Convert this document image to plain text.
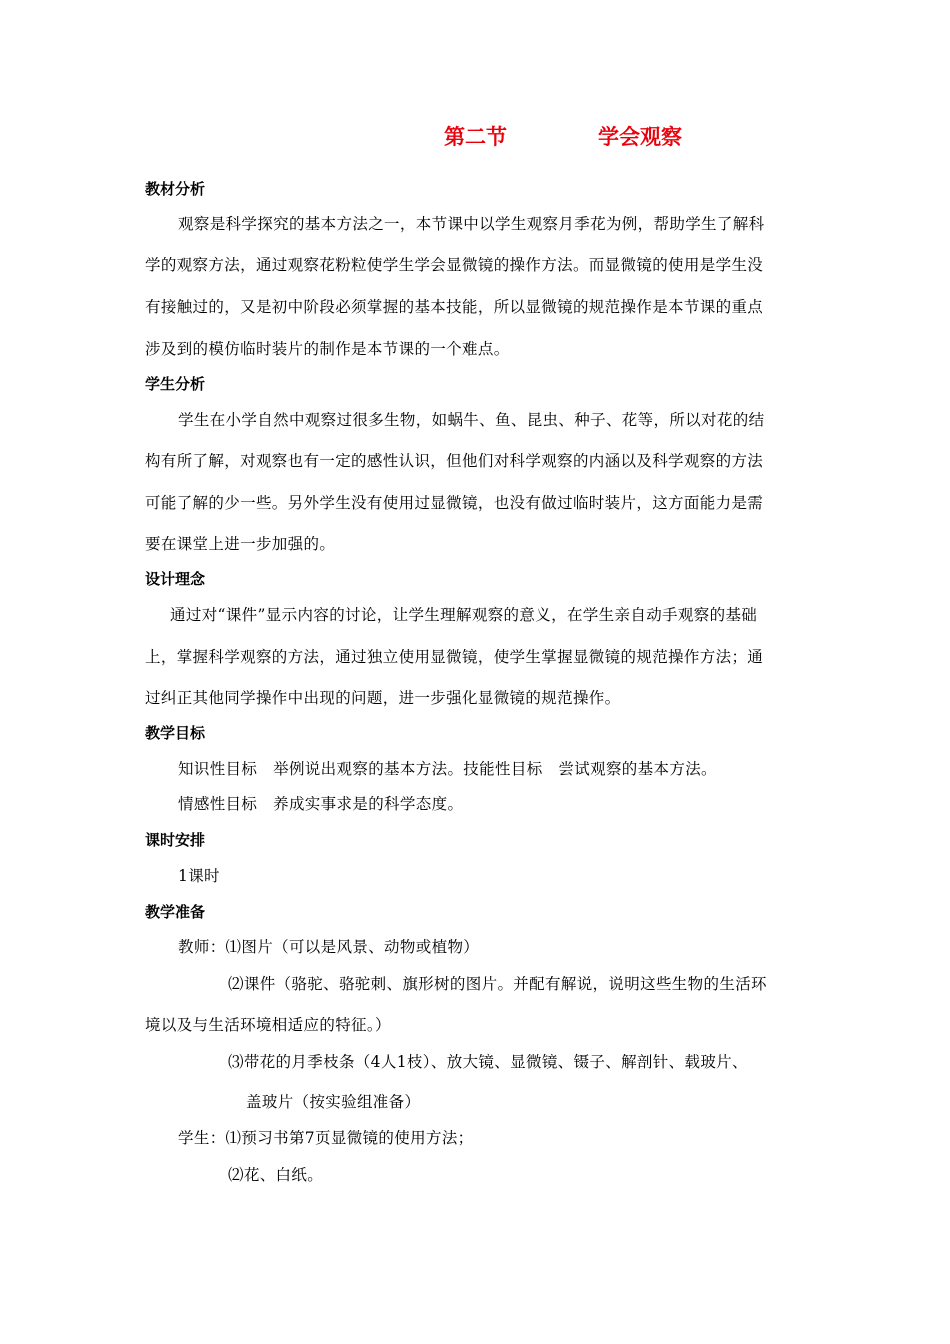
第二节	学会观察
教材分析
观察是科学探究的基本方法之一，本节课中以学生观察月季花为例，帮助学生了解科
学的观察方法，通过观察花粉粒使学生学会显微镜的操作方法。而显微镜的使用是学生没
有接触过的，又是初中阶段必须掌握的基本技能，所以显微镜的规范操作是本节课的重点
涉及到的模仿临时装片的制作是本节课的一个难点。
学生分析
学生在小学自然中观察过很多生物，如蜗牛、鱼、昆虫、种子、花等，所以对花的结
构有所了解，对观察也有一定的感性认识，但他们对科学观察的内涵以及科学观察的方法
可能了解的少一些。另外学生没有使用过显微镜，也没有做过临时装片，这方面能力是需
要在课堂上进一步加强的。
设计理念
通过对“课件”显示内容的讨论，让学生理解观察的意义，在学生亲自动手观察的基础
上，掌握科学观察的方法，通过独立使用显微镜，使学生掌握显微镜的规范操作方法；通
过纠正其他同学操作中出现的问题，进一步强化显微镜的规范操作。
教学目标
知识性目标　举例说出观察的基本方法。技能性目标　尝试观察的基本方法。
情感性目标　养成实事求是的科学态度。
课时安排
1课时
教学准备
教师：⑴图片（可以是风景、动物或植物）
⑵课件（骆驼、骆驼刺、旗形树的图片。并配有解说，说明这些生物的生活环
境以及与生活环境相适应的特征。）
⑶带花的月季枝条（4人1枝）、放大镜、显微镜、镊子、解剖针、载玻片、
盖玻片（按实验组准备）
学生：⑴预习书第7页显微镜的使用方法；
⑵花、白纸。
